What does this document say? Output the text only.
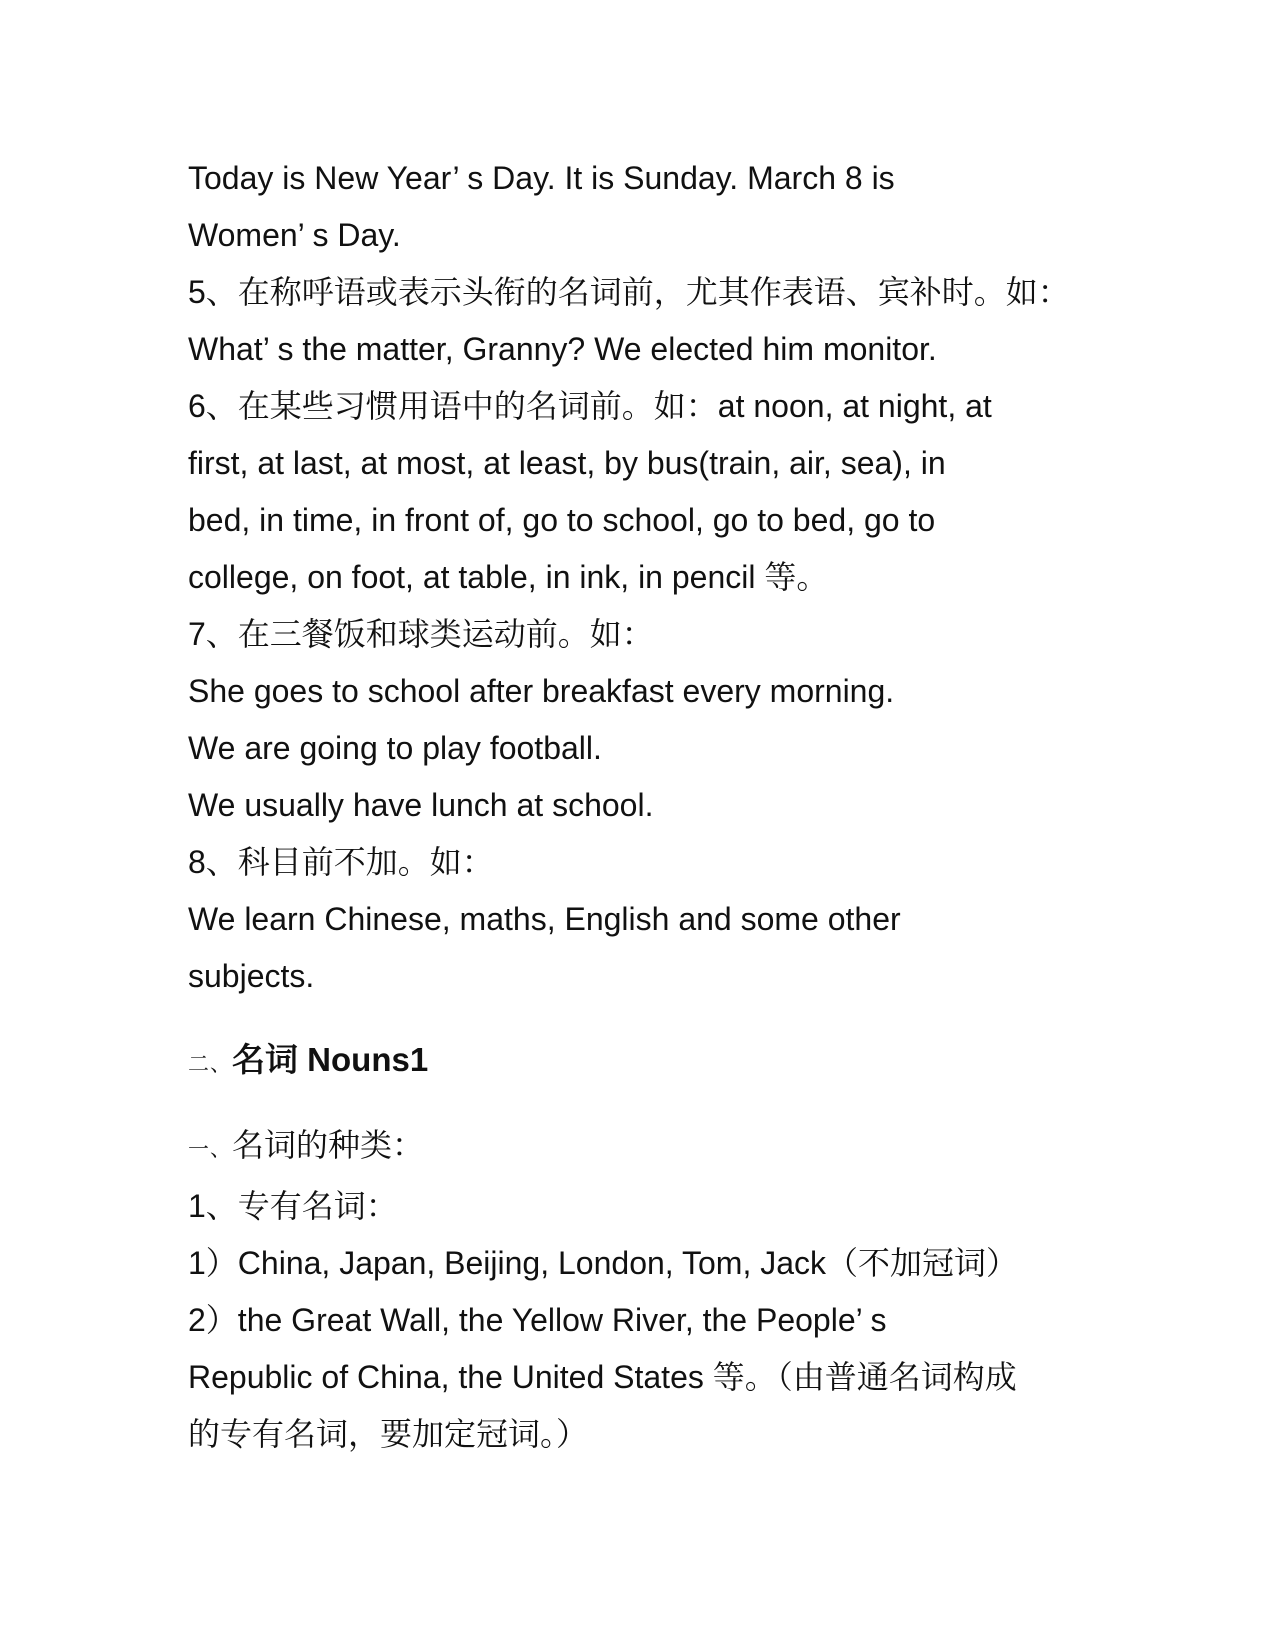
Today is New Year’ s Day. It is Sunday. March 8 is
Women’ s Day.
5、在称呼语或表示头衔的名词前，尤其作表语、宾补时。如：
What’ s the matter, Granny? We elected him monitor.
6、在某些习惯用语中的名词前。如：at noon, at night, at
first, at last, at most, at least, by bus(train, air, sea), in
bed, in time, in front of, go to school, go to bed, go to
college, on foot, at table, in ink, in pencil 等。
7、在三餐饭和球类运动前。如：
She goes to school after breakfast every morning.
We are going to play football.
We usually have lunch at school.
8、科目前不加。如：
We learn Chinese, maths, English and some other
subjects.
二、名词 Nouns1
一、名词的种类：
1、专有名词：
1）China, Japan, Beijing, London, Tom, Jack（不加冠词）
2）the Great Wall, the Yellow River, the People’ s
Republic of China, the United States 等。（由普通名词构成
的专有名词，要加定冠词。）
